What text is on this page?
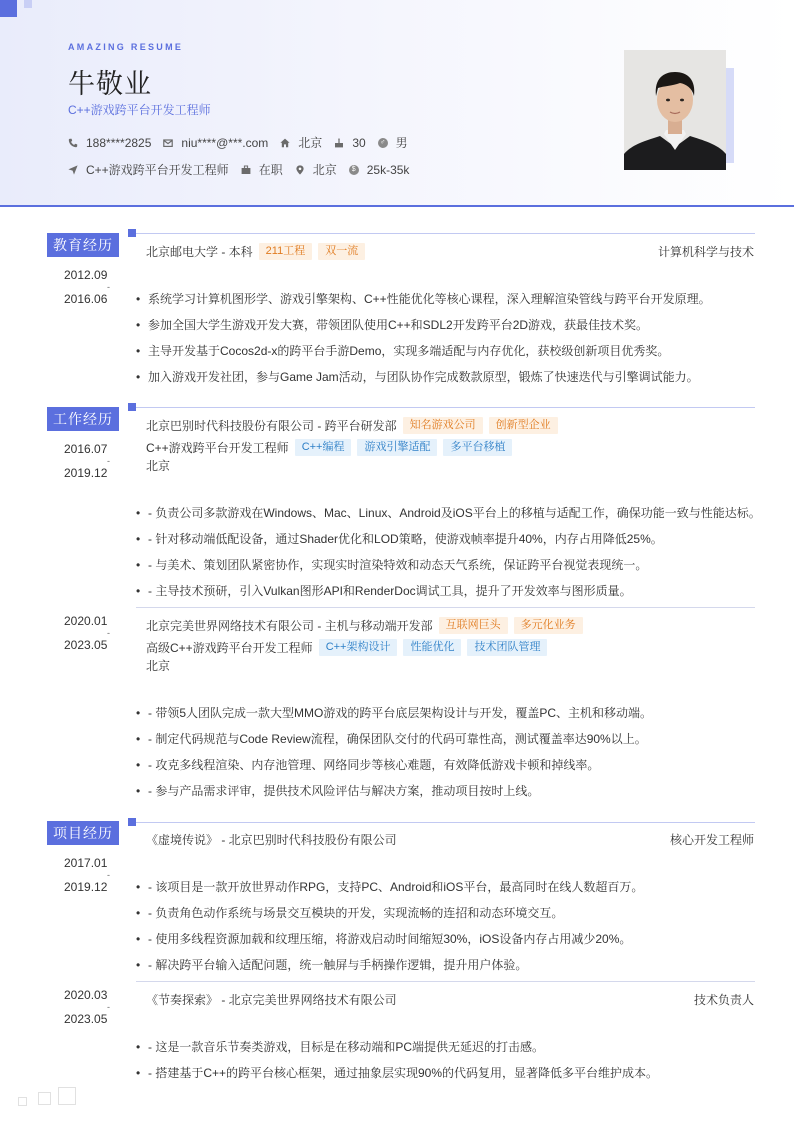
AMAZING RESUME
牛敬业
C++游戏跨平台开发工程师
188****2825	niu****@***.com	北京	30	♂ 男
C++游戏跨平台开发工程师	在职	北京	$ 25k-35k
教育经历
2012.09
-
2016.06
北京邮电大学 - 本科	211工程	双一流	计算机科学与技术
• 系统学习计算机图形学、游戏引擎架构、C++性能优化等核心课程，深入理解渲染管线与跨平台开发原理。
• 参加全国大学生游戏开发大赛，带领团队使用C++和SDL2开发跨平台2D游戏，获最佳技术奖。
• 主导开发基于Cocos2d-x的跨平台手游Demo，实现多端适配与内存优化，获校级创新项目优秀奖。
• 加入游戏开发社团，参与Game Jam活动，与团队协作完成数款原型，锻炼了快速迭代与引擎调试能力。
工作经历
2016.07
-
2019.12
北京巴别时代科技股份有限公司 - 跨平台研发部	知名游戏公司	创新型企业
C++游戏跨平台开发工程师	C++编程	游戏引擎适配	多平台移植
北京
• - 负责公司多款游戏在Windows、Mac、Linux、Android及iOS平台上的移植与适配工作，确保功能一致与性能达标。
• - 针对移动端低配设备，通过Shader优化和LOD策略，使游戏帧率提升40%，内存占用降低25%。
• - 与美术、策划团队紧密协作，实现实时渲染特效和动态天气系统，保证跨平台视觉表现统一。
• - 主导技术预研，引入Vulkan图形API和RenderDoc调试工具，提升了开发效率与图形质量。
2020.01
-
2023.05
北京完美世界网络技术有限公司 - 主机与移动端开发部	互联网巨头	多元化业务
高级C++游戏跨平台开发工程师	C++架构设计	性能优化	技术团队管理
北京
• - 带领5人团队完成一款大型MMO游戏的跨平台底层架构设计与开发，覆盖PC、主机和移动端。
• - 制定代码规范与Code Review流程，确保团队交付的代码可靠性高，测试覆盖率达90%以上。
• - 攻克多线程渲染、内存池管理、网络同步等核心难题，有效降低游戏卡顿和掉线率。
• - 参与产品需求评审，提供技术风险评估与解决方案，推动项目按时上线。
项目经历
2017.01
-
2019.12
《虚境传说》 - 北京巴别时代科技股份有限公司	核心开发工程师
• - 该项目是一款开放世界动作RPG，支持PC、Android和iOS平台，最高同时在线人数超百万。
• - 负责角色动作系统与场景交互模块的开发，实现流畅的连招和动态环境交互。
• - 使用多线程资源加载和纹理压缩，将游戏启动时间缩短30%，iOS设备内存占用减少20%。
• - 解决跨平台输入适配问题，统一触屏与手柄操作逻辑，提升用户体验。
2020.03
-
2023.05
《节奏探索》 - 北京完美世界网络技术有限公司	技术负责人
• - 这是一款音乐节奏类游戏，目标是在移动端和PC端提供无延迟的打击感。
• - 搭建基于C++的跨平台核心框架，通过抽象层实现90%的代码复用，显著降低多平台维护成本。
